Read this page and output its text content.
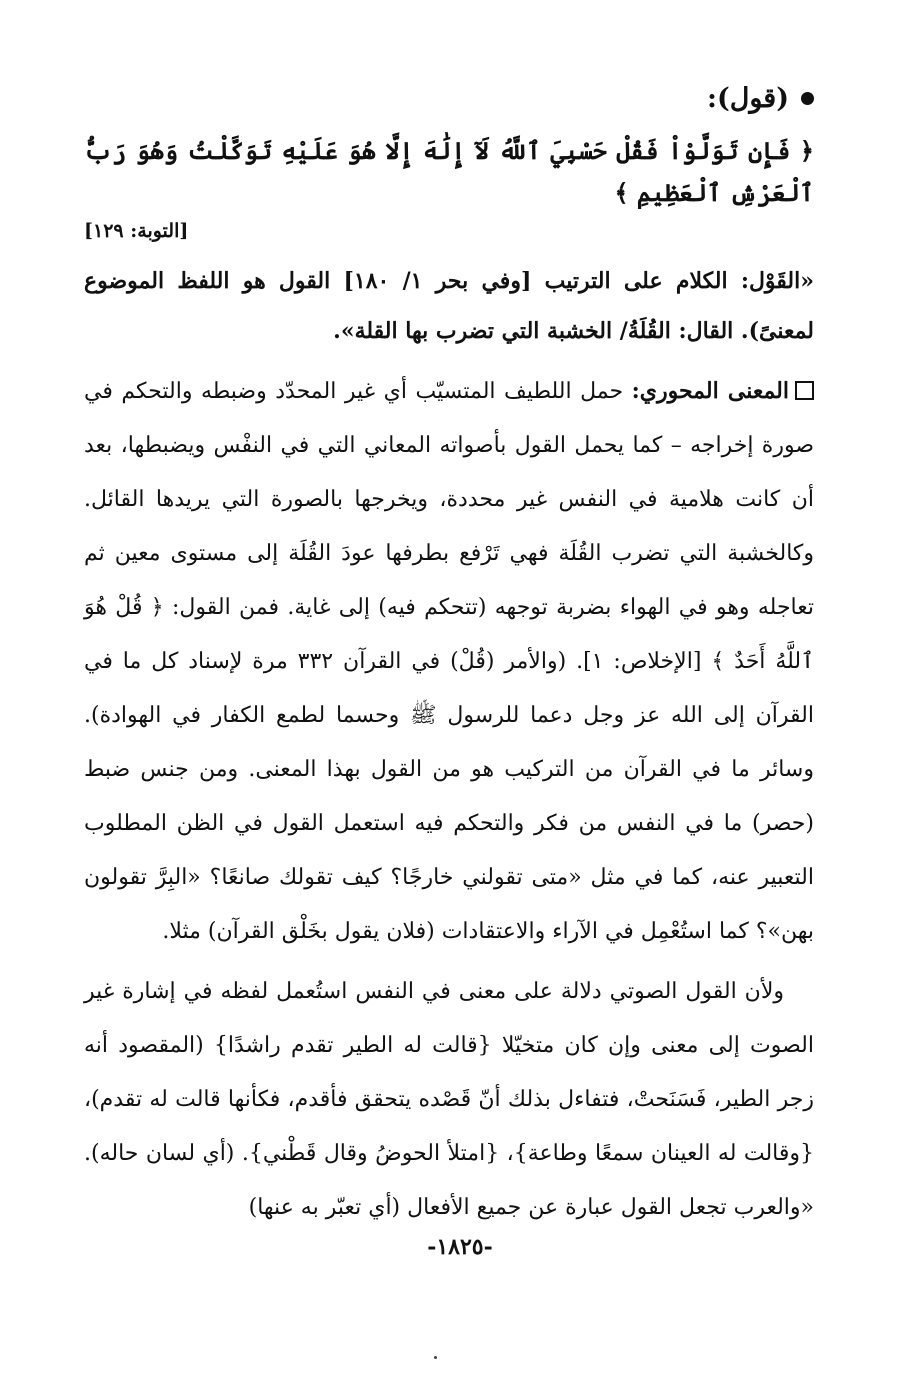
(قول):
﴿ فَإِن تَوَلَّوْاْ فَقُلْ حَسْبِيَ ٱللَّهُ لَآ إِلَٰهَ إِلَّا هُوَ عَلَيْهِ تَوَكَّلْتُ وَهُوَ رَبُّ ٱلْعَرْشِ ٱلْعَظِيمِ ﴾
[التوبة: ١٢٩]

«القَوْل: الكلام على الترتيب [وفي بحر ١/ ١٨٠] القول هو اللفظ الموضوع لمعنىً). القال: القُلَةُ/ الخشبة التي تضرب بها القلة».

المعنى المحوري: حمل اللطيف المتسيّب أي غير المحدّد وضبطه والتحكم في صورة إخراجه – كما يحمل القول بأصواته المعاني التي في النفْس ويضبطها، بعد أن كانت هلامية في النفس غير محددة، ويخرجها بالصورة التي يريدها القائل. وكالخشبة التي تضرب القُلَة فهي تَرْفع بطرفها عودَ القُلَة إلى مستوى معين ثم تعاجله وهو في الهواء بضربة توجهه (تتحكم فيه) إلى غاية. فمن القول: ﴿ قُلْ هُوَ ٱللَّهُ أَحَدٌ ﴾ [الإخلاص: ١]. (والأمر (قُلْ) في القرآن ٣٣٢ مرة لإسناد كل ما في القرآن إلى الله عز وجل دعما للرسول ﷺ وحسما لطمع الكفار في الهوادة). وسائر ما في القرآن من التركيب هو من القول بهذا المعنى. ومن جنس ضبط (حصر) ما في النفس من فكر والتحكم فيه استعمل القول في الظن المطلوب التعبير عنه، كما في مثل «متى تقولني خارجًا؟ كيف تقولك صانعًا؟ «البِرَّ تقولون بهن»؟ كما استُعْمِل في الآراء والاعتقادات (فلان يقول بخَلْق القرآن) مثلا.

ولأن القول الصوتي دلالة على معنى في النفس استُعمل لفظه في إشارة غير الصوت إلى معنى وإن كان متخيّلا {قالت له الطير تقدم راشدًا} (المقصود أنه زجر الطير، فَسَنَحتْ، فتفاءل بذلك أنّ قَصْده يتحقق فأقدم، فكأنها قالت له تقدم)، {وقالت له العينان سمعًا وطاعة}، {امتلأ الحوضُ وقال قَطْني}. (أي لسان حاله). «والعرب تجعل القول عبارة عن جميع الأفعال (أي تعبّر به عنها)

-١٨٢٥-
